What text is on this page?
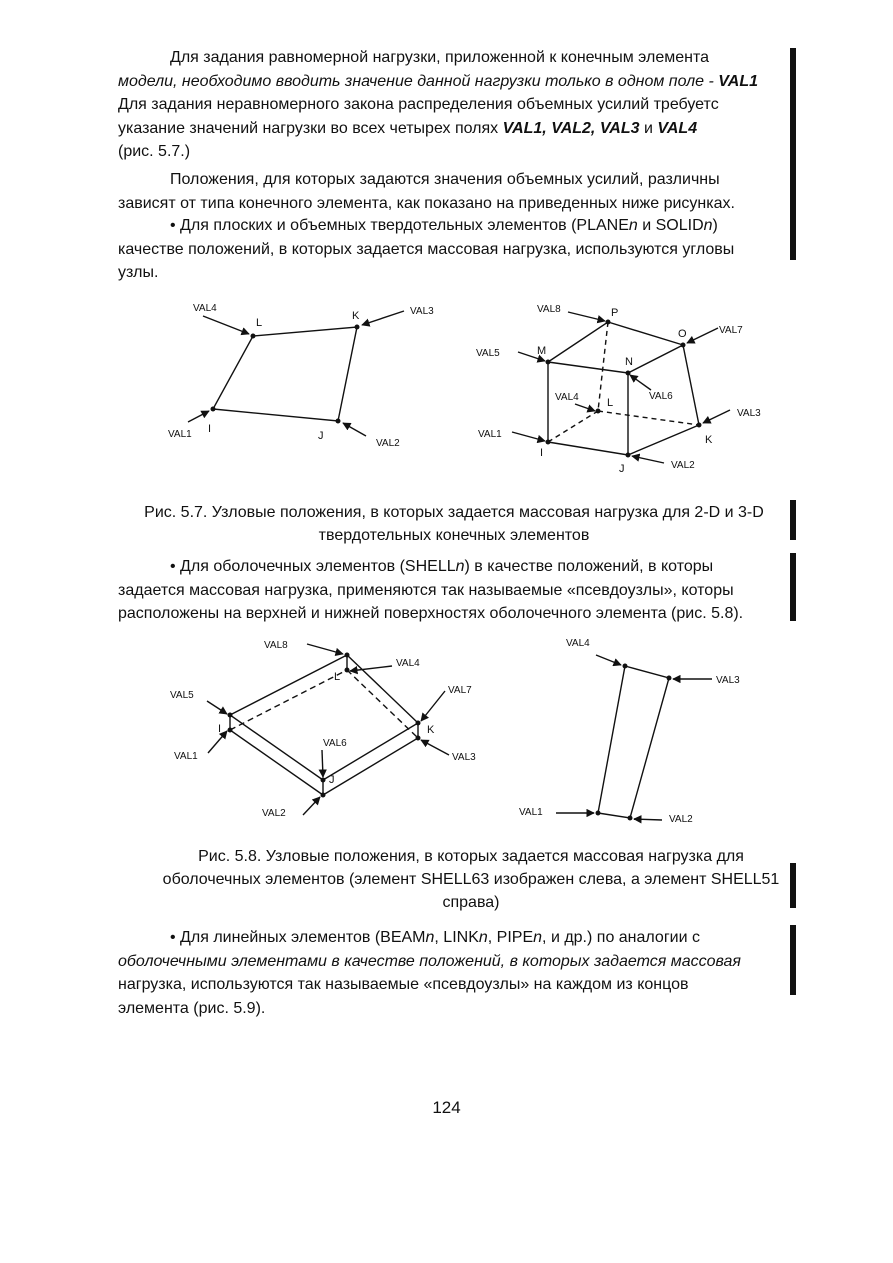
Для задания равномерной нагрузки, приложенной к конечным элемента

модели, необходимо вводить значение данной нагрузки только в одном поле - VAL1

Для задания неравномерного закона распределения объемных усилий требуетс

указание значений нагрузки во всех четырех полях VAL1, VAL2, VAL3 и VAL4

(рис. 5.7.)

Положения, для которых задаются значения объемных усилий, различны

зависят от типа конечного элемента, как показано на приведенных ниже рисунках.

• Для плоских и объемных твердотельных элементов (PLANEn и SOLIDn)

качестве положений, в которых задается массовая нагрузка, используются угловы

узлы.

VAL4	VAL3
VAL1
VAL2
L
K
I
J
VAL8
VAL7
VAL5
VAL6
VAL4
VAL3
VAL1
VAL2
P
O
M
N
L
K
I
J
Рис. 5.7. Узловые положения, в которых задается массовая нагрузка для 2-D и 3-D
твердотельных конечных элементов

• Для оболочечных элементов (SHELLn) в качестве положений, в которы

задается массовая нагрузка, применяются так называемые «псевдоузлы», которы

расположены на верхней и нижней поверхностях оболочечного элемента (рис. 5.8).

VAL8
VAL4
VAL5	VAL7
VAL6
VAL1	VAL3
VAL2
L
I	K
J
VAL4
VAL3
VAL1
VAL2
Рис. 5.8. Узловые положения, в которых задается массовая нагрузка для
оболочечных элементов (элемент SHELL63 изображен слева, а элемент SHELL51
справа)

• Для линейных элементов (BEAMn, LINKn, PIPEn, и др.) по аналогии с

оболочечными элементами в качестве положений, в которых задается массовая

нагрузка, используются так называемые «псевдоузлы» на каждом из концов

элемента (рис. 5.9).

124
